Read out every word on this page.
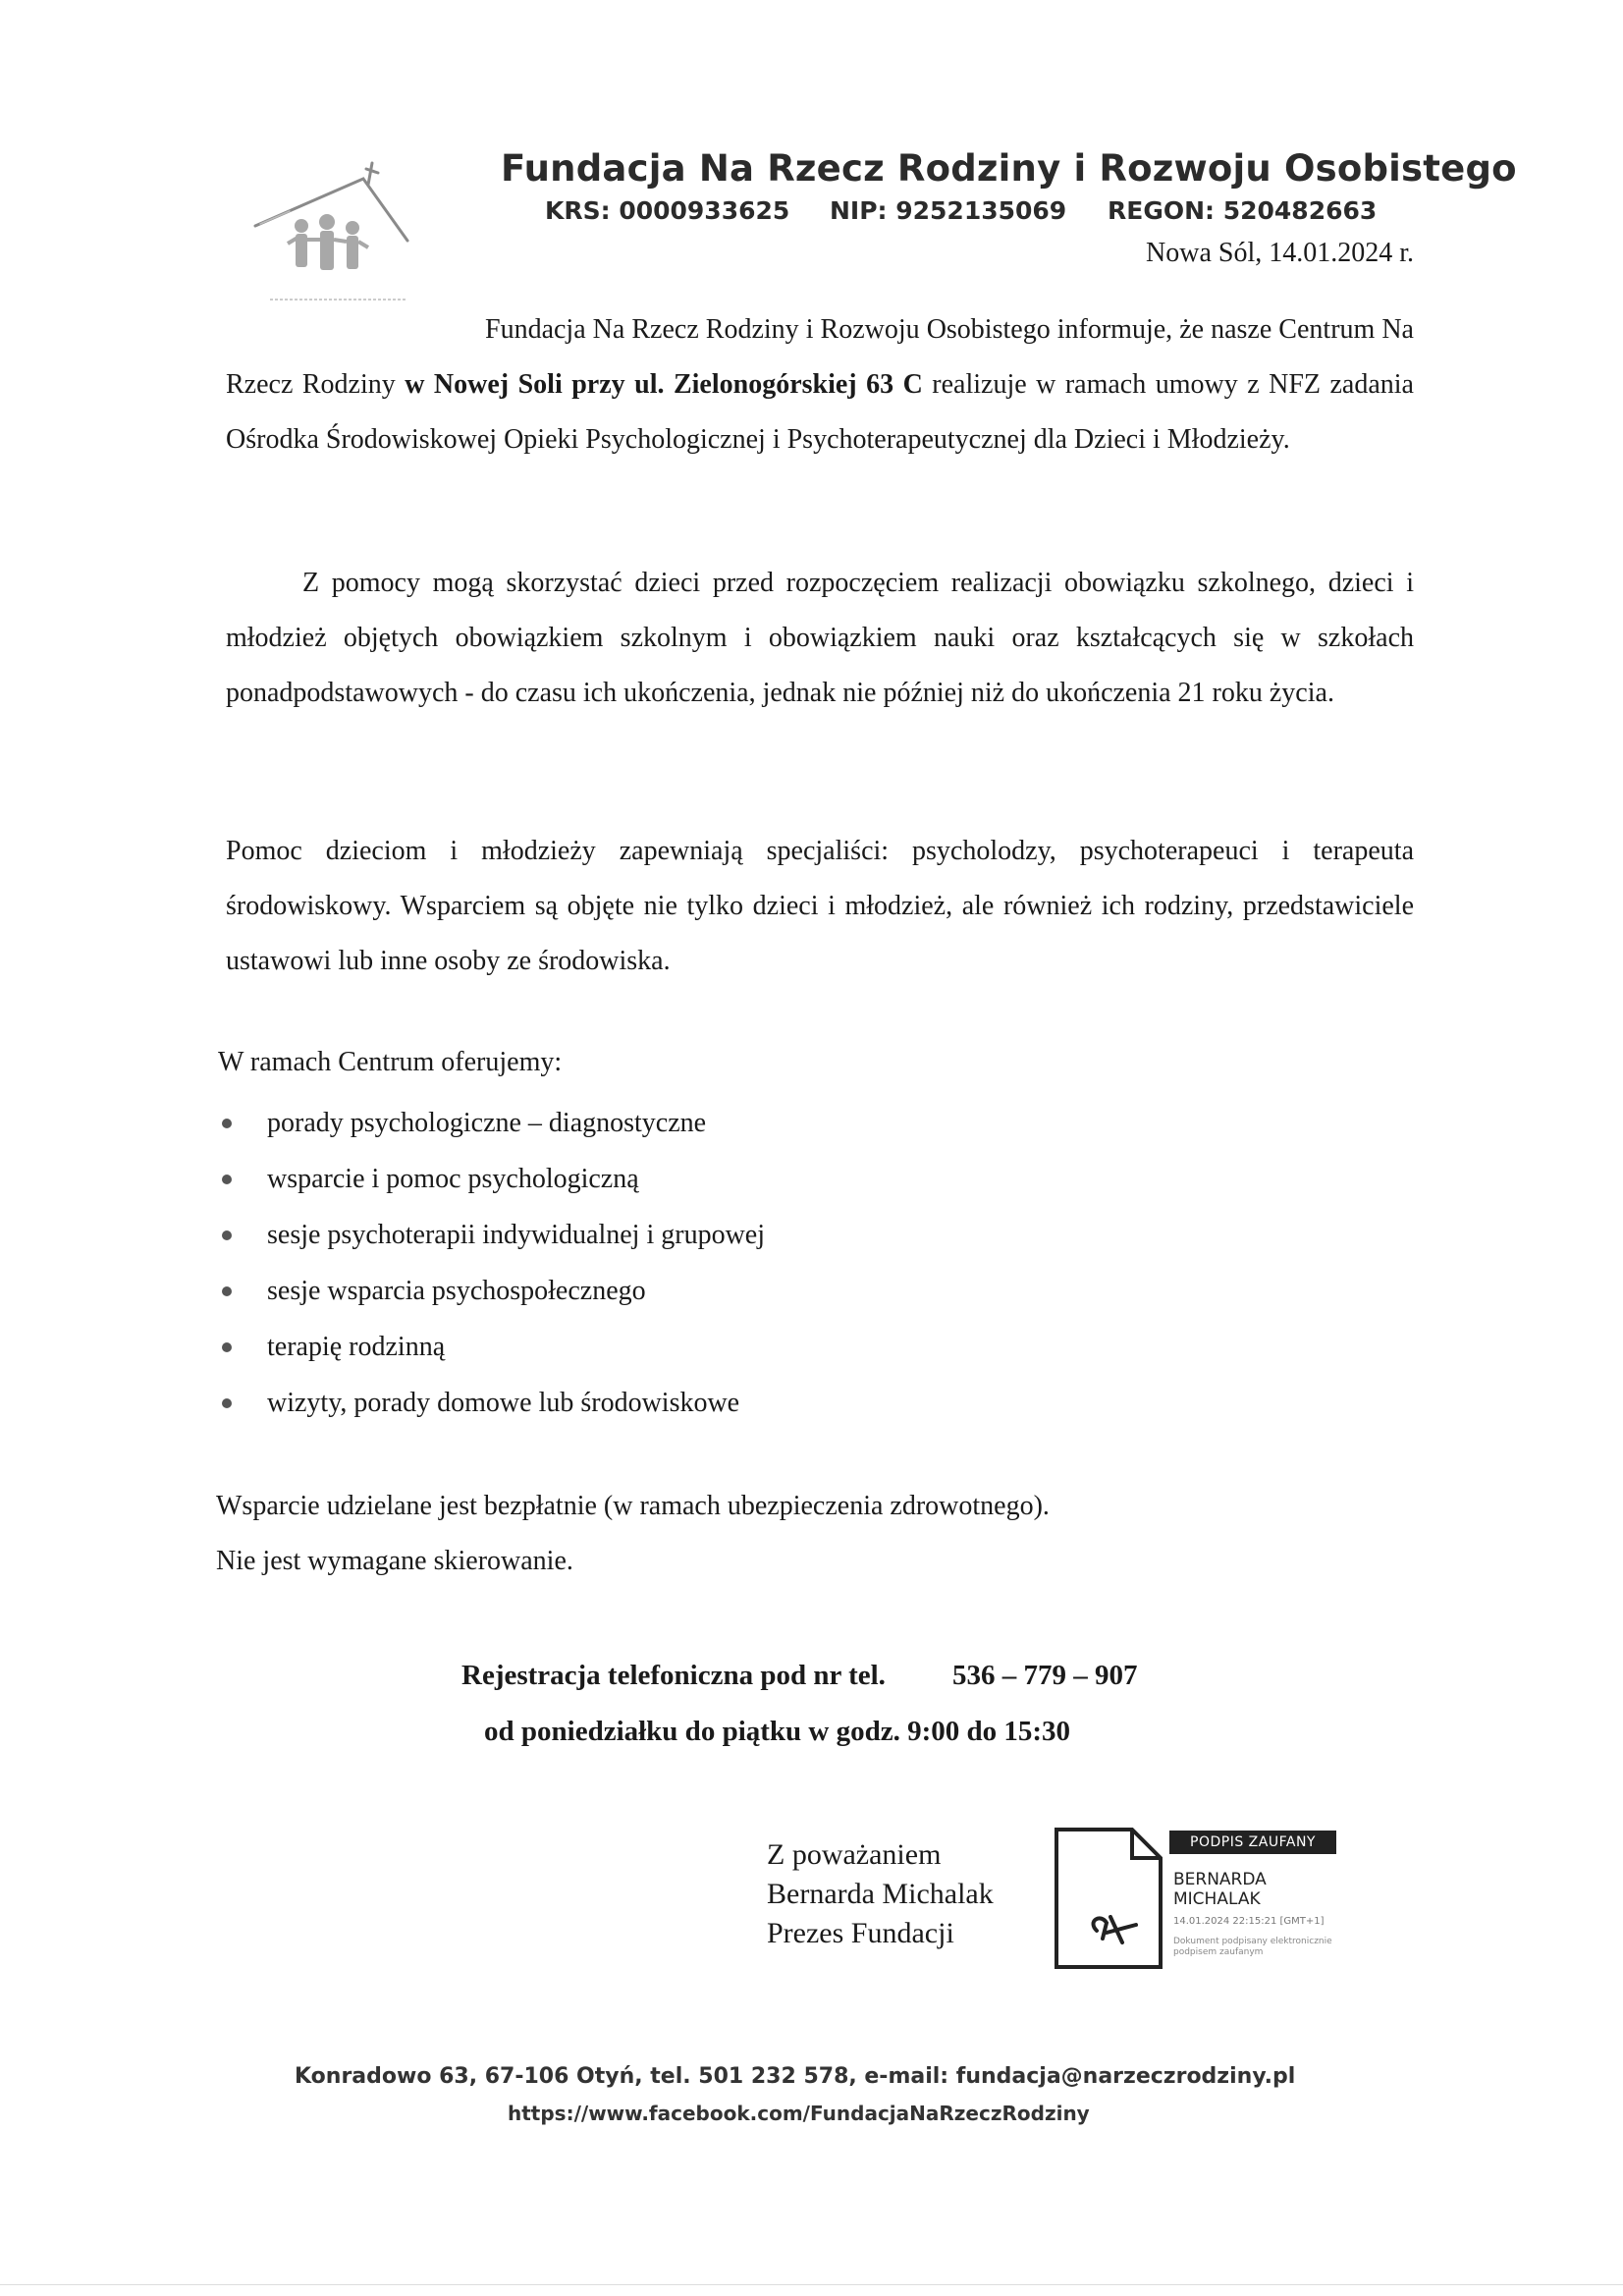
Fundacja Na Rzecz Rodziny i Rozwoju Osobistego
KRS: 0000933625 NIP: 9252135069 REGON: 520482663
Nowa Sól, 14.01.2024 r.
Fundacja Na Rzecz Rodziny i Rozwoju Osobistego informuje, że nasze Centrum Na Rzecz Rodziny w Nowej Soli przy ul. Zielonogórskiej 63 C realizuje w ramach umowy z NFZ zadania Ośrodka Środowiskowej Opieki Psychologicznej i Psychoterapeutycznej dla Dzieci i Młodzieży.
Z pomocy mogą skorzystać dzieci przed rozpoczęciem realizacji obowiązku szkolnego, dzieci i młodzież objętych obowiązkiem szkolnym i obowiązkiem nauki oraz kształcących się w szkołach ponadpodstawowych - do czasu ich ukończenia, jednak nie później niż do ukończenia 21 roku życia.
Pomoc dzieciom i młodzieży zapewniają specjaliści: psycholodzy, psychoterapeuci i terapeuta środowiskowy. Wsparciem są objęte nie tylko dzieci i młodzież, ale również ich rodziny, przedstawiciele ustawowi lub inne osoby ze środowiska.
W ramach Centrum oferujemy:
porady psychologiczne – diagnostyczne
wsparcie i pomoc psychologiczną
sesje psychoterapii indywidualnej i grupowej
sesje wsparcia psychospołecznego
terapię rodzinną
wizyty, porady domowe lub środowiskowe
Wsparcie udzielane jest bezpłatnie (w ramach ubezpieczenia zdrowotnego).
Nie jest wymagane skierowanie.
Rejestracja telefoniczna pod nr tel. 536 – 779 – 907
od poniedziałku do piątku w godz. 9:00 do 15:30
Z poważaniem
Bernarda Michalak
Prezes Fundacji
PODPIS ZAUFANY
BERNARDA
MICHALAK
14.01.2024 22:15:21 [GMT+1]
Dokument podpisany elektronicznie podpisem zaufanym
Konradowo 63, 67-106 Otyń, tel. 501 232 578, e-mail: fundacja@narzeczrodziny.pl
https://www.facebook.com/FundacjaNaRzeczRodziny
